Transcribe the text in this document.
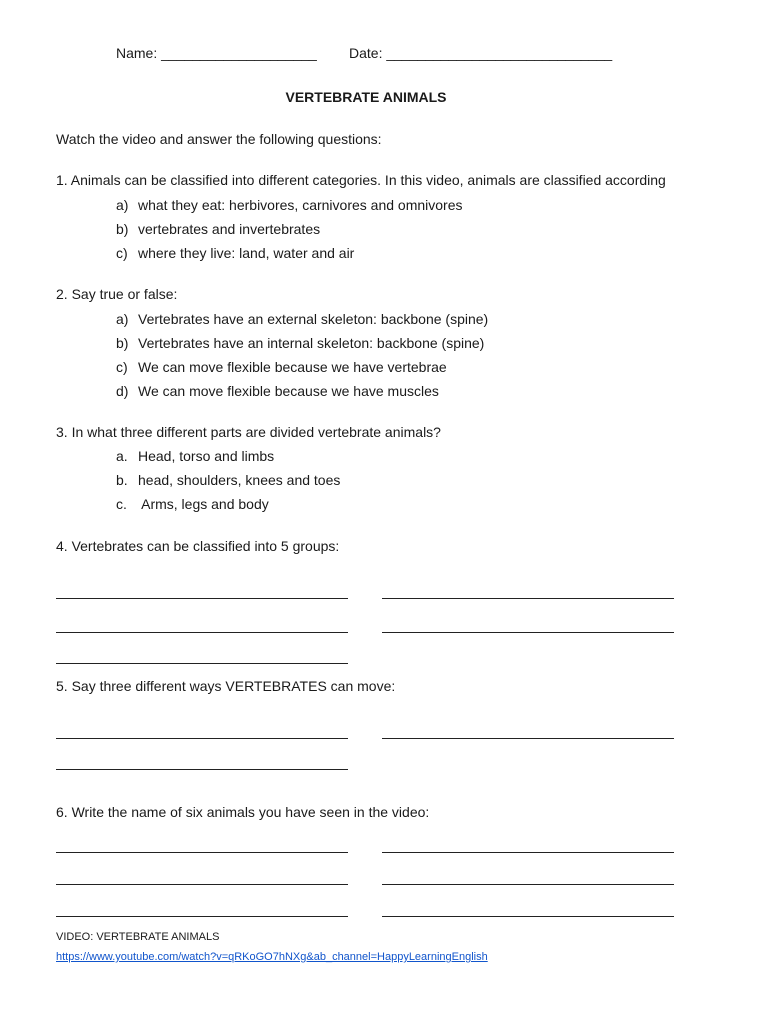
Name: ____________________ Date: _____________________________
VERTEBRATE ANIMALS
Watch the video and answer the following questions:
1. Animals can be classified into different categories. In this video, animals are classified according
a) what they eat: herbivores, carnivores and omnivores
b) vertebrates and invertebrates
c) where they live: land, water and air
2. Say true or false:
a) Vertebrates have an external skeleton: backbone (spine)
b) Vertebrates have an internal skeleton: backbone (spine)
c) We can move flexible because we have vertebrae
d) We can move flexible because we have muscles
3. In what three different parts are divided vertebrate animals?
a. Head, torso and limbs
b. head, shoulders, knees and toes
c. Arms, legs and body
4. Vertebrates can be classified into 5 groups:
5. Say three different ways VERTEBRATES can move:
6. Write the name of six animals you have seen in the video:
VIDEO: VERTEBRATE ANIMALS
https://www.youtube.com/watch?v=qRKoGO7hNXg&ab_channel=HappyLearningEnglish
